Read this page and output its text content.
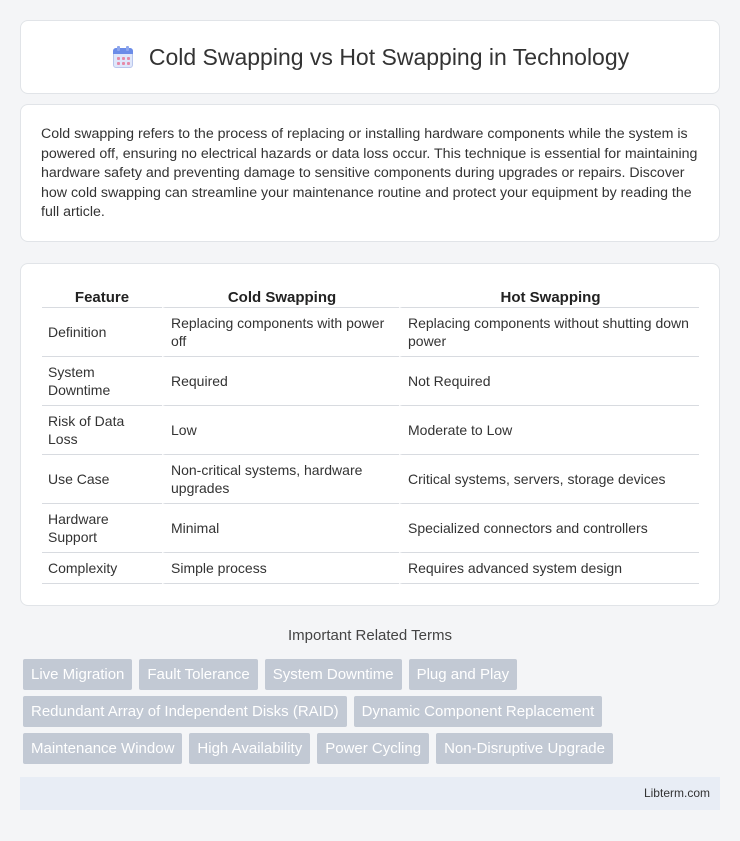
Cold Swapping vs Hot Swapping in Technology

Cold swapping refers to the process of replacing or installing hardware components while the system is powered off, ensuring no electrical hazards or data loss occur. This technique is essential for maintaining hardware safety and preventing damage to sensitive components during upgrades or repairs. Discover how cold swapping can streamline your maintenance routine and protect your equipment by reading the full article.

Feature	Cold Swapping	Hot Swapping
Definition	Replacing components with power off	Replacing components without shutting down power
System Downtime	Required	Not Required
Risk of Data Loss	Low	Moderate to Low
Use Case	Non-critical systems, hardware upgrades	Critical systems, servers, storage devices
Hardware Support	Minimal	Specialized connectors and controllers
Complexity	Simple process	Requires advanced system design
Important Related Terms
Live Migration	Fault Tolerance	System Downtime	Plug and Play
Redundant Array of Independent Disks (RAID)	Dynamic Component Replacement
Maintenance Window	High Availability	Power Cycling	Non-Disruptive Upgrade
Libterm.com
